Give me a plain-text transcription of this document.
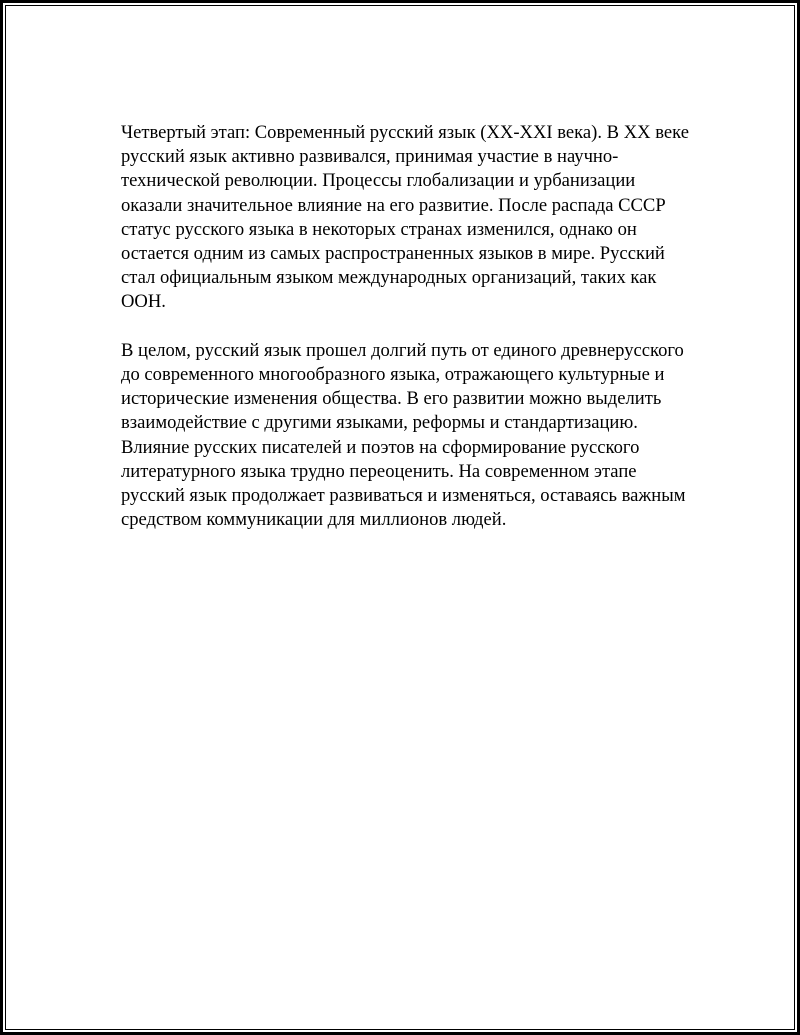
Четвертый этап: Современный русский язык (XX-XXI века). В XX веке русский язык активно развивался, принимая участие в научно-технической революции. Процессы глобализации и урбанизации оказали значительное влияние на его развитие. После распада СССР статус русского языка в некоторых странах изменился, однако он остается одним из самых распространенных языков в мире. Русский стал официальным языком международных организаций, таких как ООН.

В целом, русский язык прошел долгий путь от единого древнерусского до современного многообразного языка, отражающего культурные и исторические изменения общества. В его развитии можно выделить взаимодействие с другими языками, реформы и стандартизацию. Влияние русских писателей и поэтов на сформирование русского литературного языка трудно переоценить. На современном этапе русский язык продолжает развиваться и изменяться, оставаясь важным средством коммуникации для миллионов людей.
